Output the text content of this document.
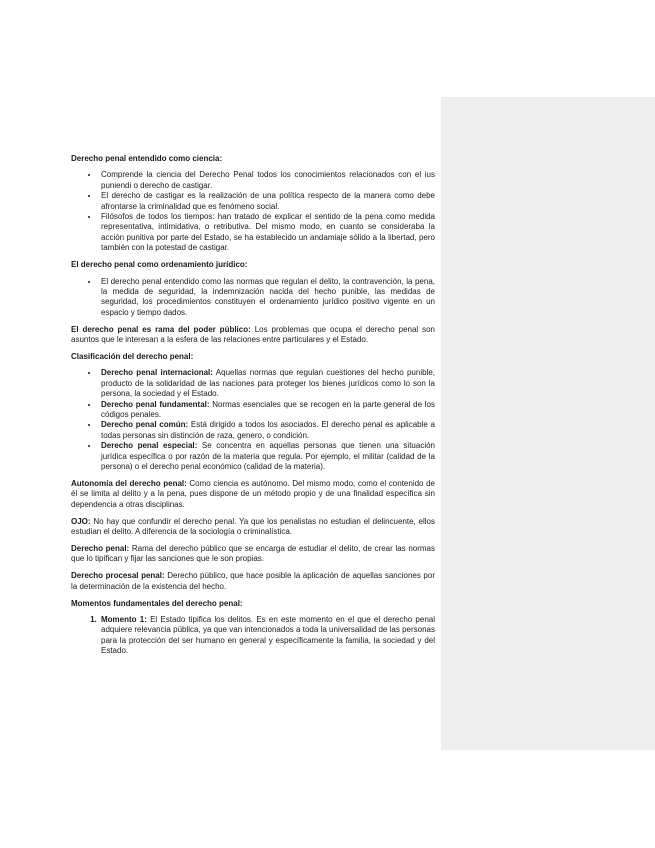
Derecho penal entendido como ciencia:

• Comprende la ciencia del Derecho Penal todos los conocimientos relacionados con el ius puniendi o derecho de castigar.
• El derecho de castigar es la realización de una política respecto de la manera como debe afrontarse la criminalidad que es fenómeno social.
• Filósofos de todos los tiempos: han tratado de explicar el sentido de la pena como medida representativa, intimidativa, o retributiva. Del mismo modo, en cuanto se consideraba la acción punitiva por parte del Estado, se ha establecido un andamiaje sólido a la libertad, pero también con la potestad de castigar.

El derecho penal como ordenamiento jurídico:

• El derecho penal entendido como las normas que regulan el delito, la contravención, la pena, la medida de seguridad, la indemnización nacida del hecho punible, las medidas de seguridad, los procedimientos constituyen el ordenamiento jurídico positivo vigente en un espacio y tiempo dados.

El derecho penal es rama del poder público: Los problemas que ocupa el derecho penal son asuntos que le interesan a la esfera de las relaciones entre particulares y el Estado.

Clasificación del derecho penal:

• Derecho penal internacional: Aquellas normas que regulan cuestiones del hecho punible, producto de la solidaridad de las naciones para proteger los bienes jurídicos como lo son la persona, la sociedad y el Estado.
• Derecho penal fundamental: Normas esenciales que se recogen en la parte general de los códigos penales.
• Derecho penal común: Está dirigido a todos los asociados. El derecho penal es aplicable a todas personas sin distinción de raza, genero, o condición.
• Derecho penal especial: Se concentra en aquellas personas que tienen una situación jurídica específica o por razón de la materia que regula. Por ejemplo, el militar (calidad de la persona) o el derecho penal económico (calidad de la materia).

Autonomía del derecho penal: Como ciencia es autónomo. Del mismo modo, como el contenido de él se limita al delito y a la pena, pues dispone de un método propio y de una finalidad específica sin dependencia a otras disciplinas.

OJO: No hay que confundir el derecho penal. Ya que los penalistas no estudian el delincuente, ellos estudian el delito. A diferencia de la sociología o criminalística.

Derecho penal: Rama del derecho público que se encarga de estudiar el delito, de crear las normas que lo tipifican y fijar las sanciones que le son propias.

Derecho procesal penal: Derecho público, que hace posible la aplicación de aquellas sanciones por la determinación de la existencia del hecho.

Momentos fundamentales del derecho penal:

1. Momento 1: El Estado tipifica los delitos. Es en este momento en el que el derecho penal adquiere relevancia pública, ya que van intencionados a toda la universalidad de las personas para la protección del ser humano en general y específicamente la familia, la sociedad y del Estado.
